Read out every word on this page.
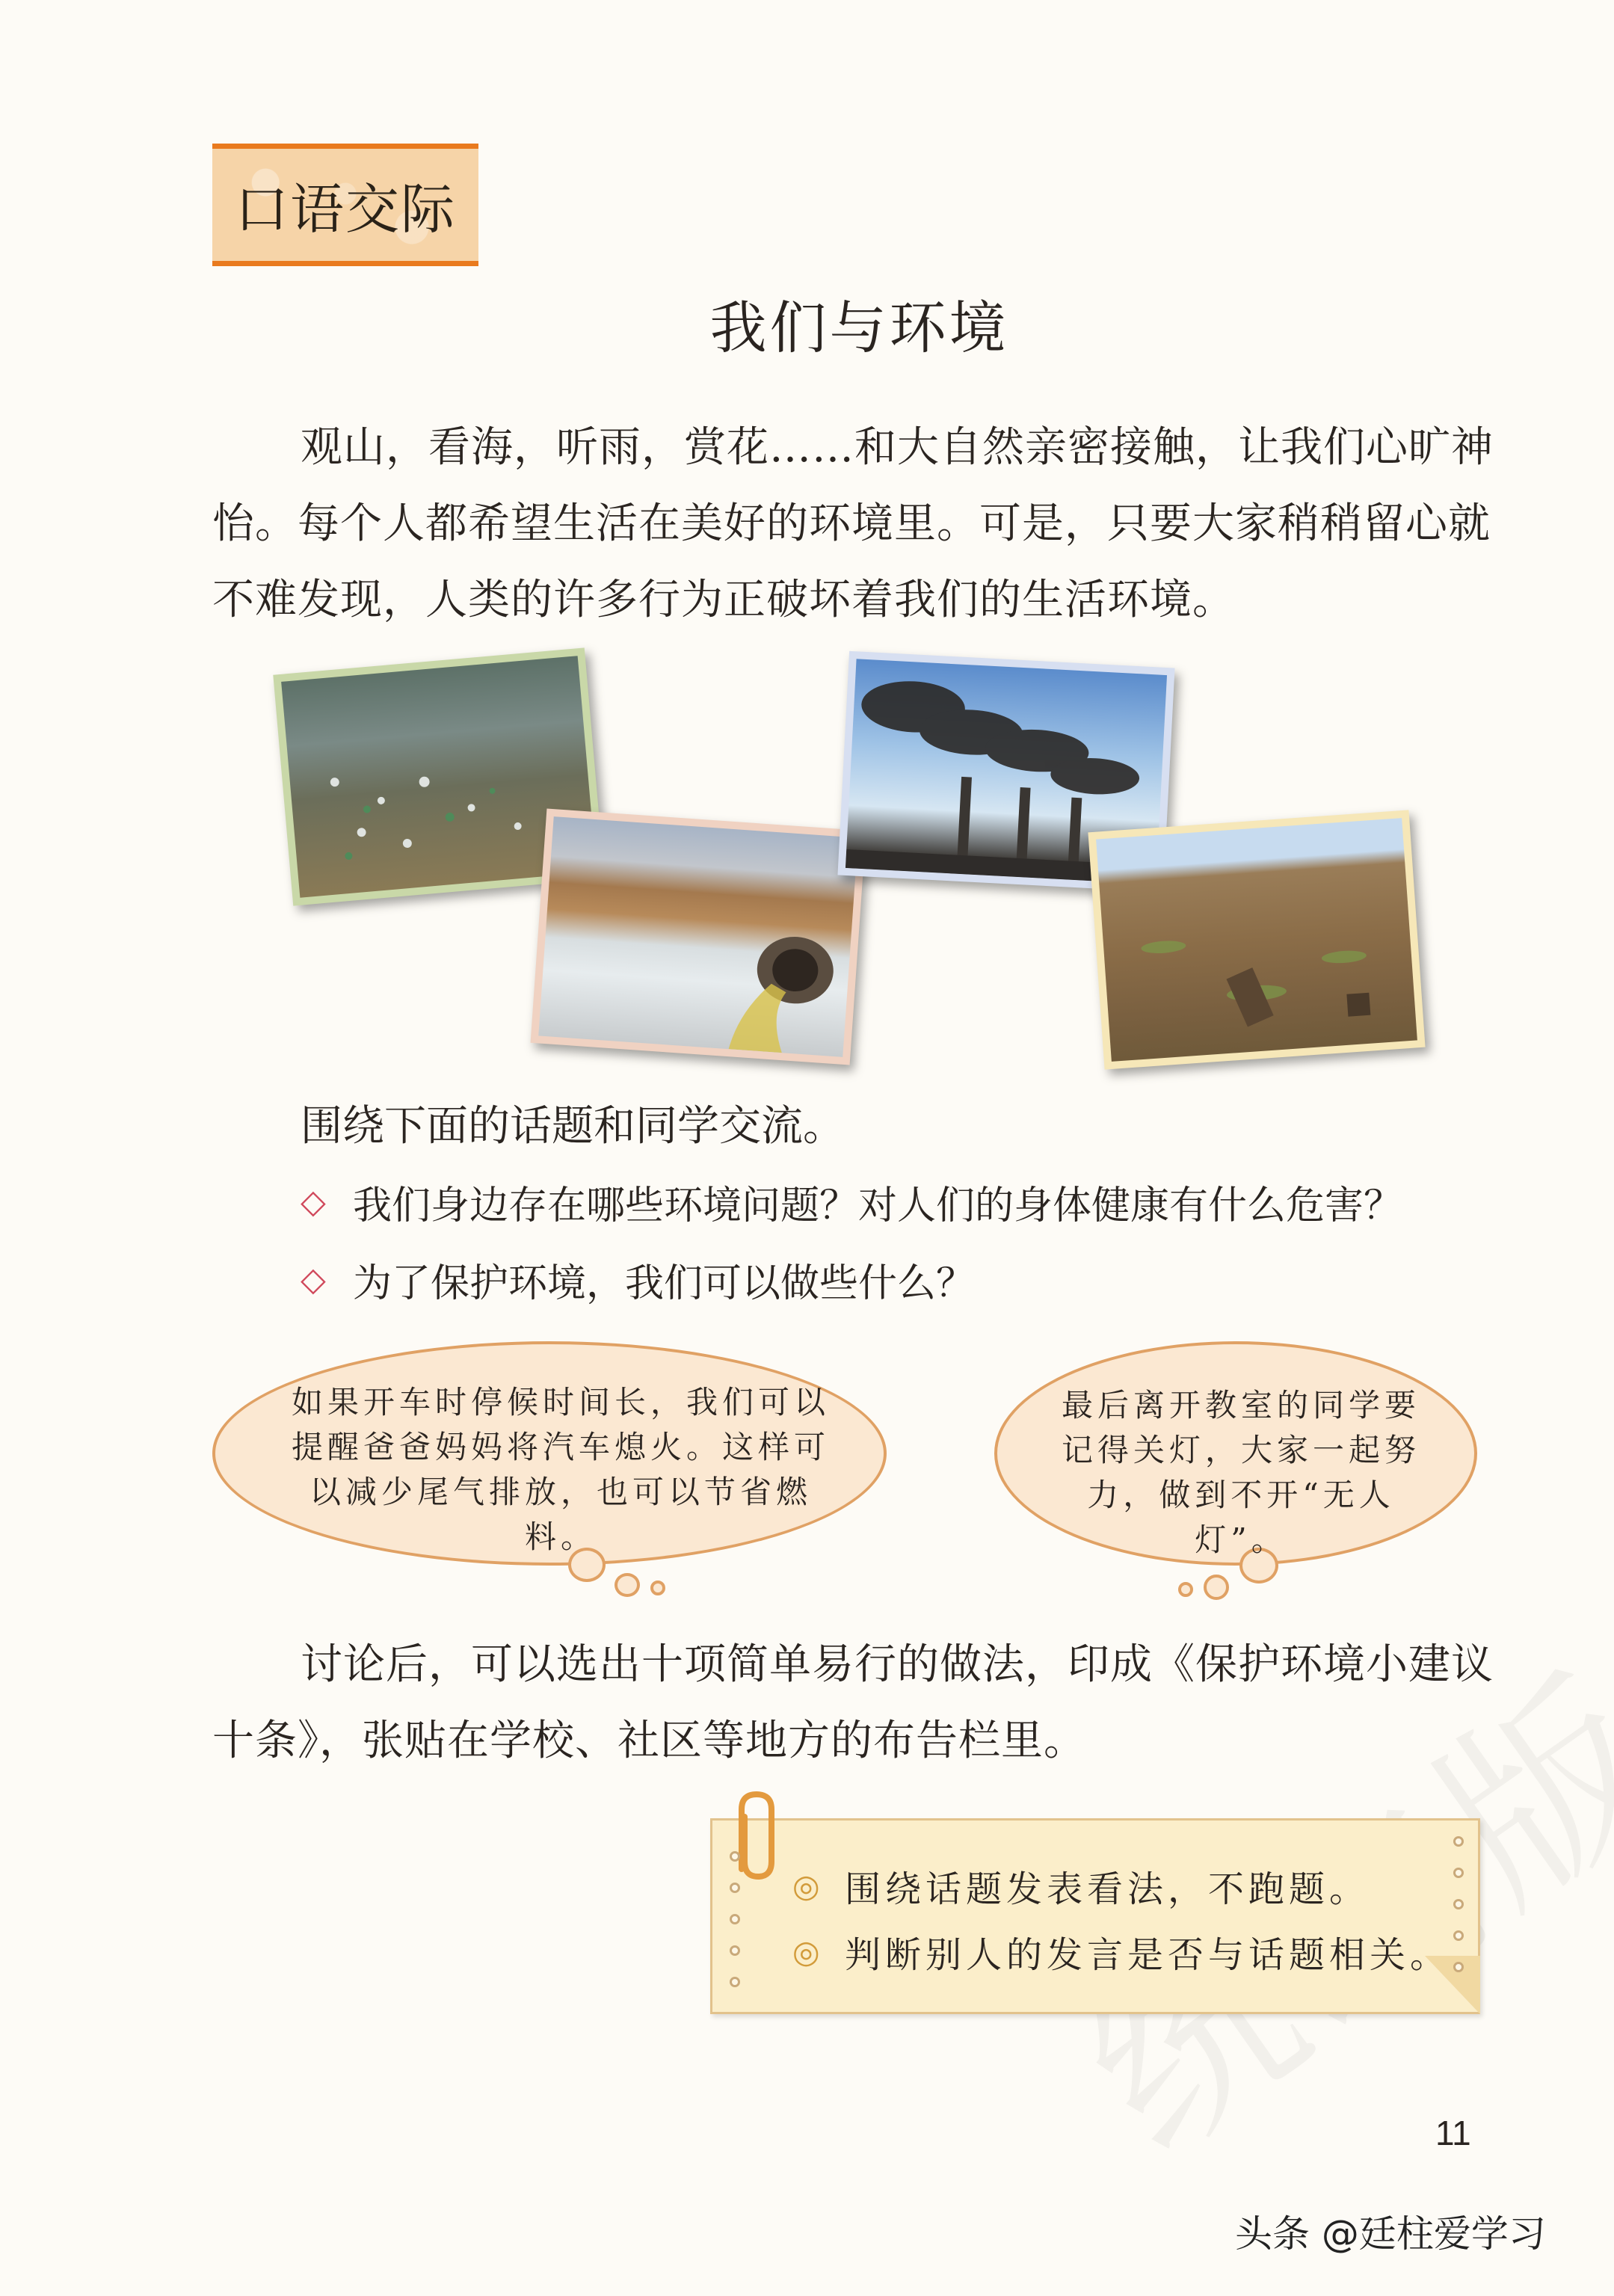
口语交际
我们与环境
观山，看海，听雨，赏花……和大自然亲密接触，让我们心旷神怡。每个人都希望生活在美好的环境里。可是，只要大家稍稍留心就不难发现，人类的许多行为正破坏着我们的生活环境。
围绕下面的话题和同学交流。
◇ 我们身边存在哪些环境问题？对人们的身体健康有什么危害？
◇ 为了保护环境，我们可以做些什么？
如果开车时停候时间长，我们可以提醒爸爸妈妈将汽车熄火。这样可以减少尾气排放，也可以节省燃料。
最后离开教室的同学要记得关灯，大家一起努力，做到不开“无人灯”。
讨论后，可以选出十项简单易行的做法，印成《保护环境小建议十条》，张贴在学校、社区等地方的布告栏里。
◎ 围绕话题发表看法，不跑题。
◎ 判断别人的发言是否与话题相关。
11
头条 @廷柱爱学习
